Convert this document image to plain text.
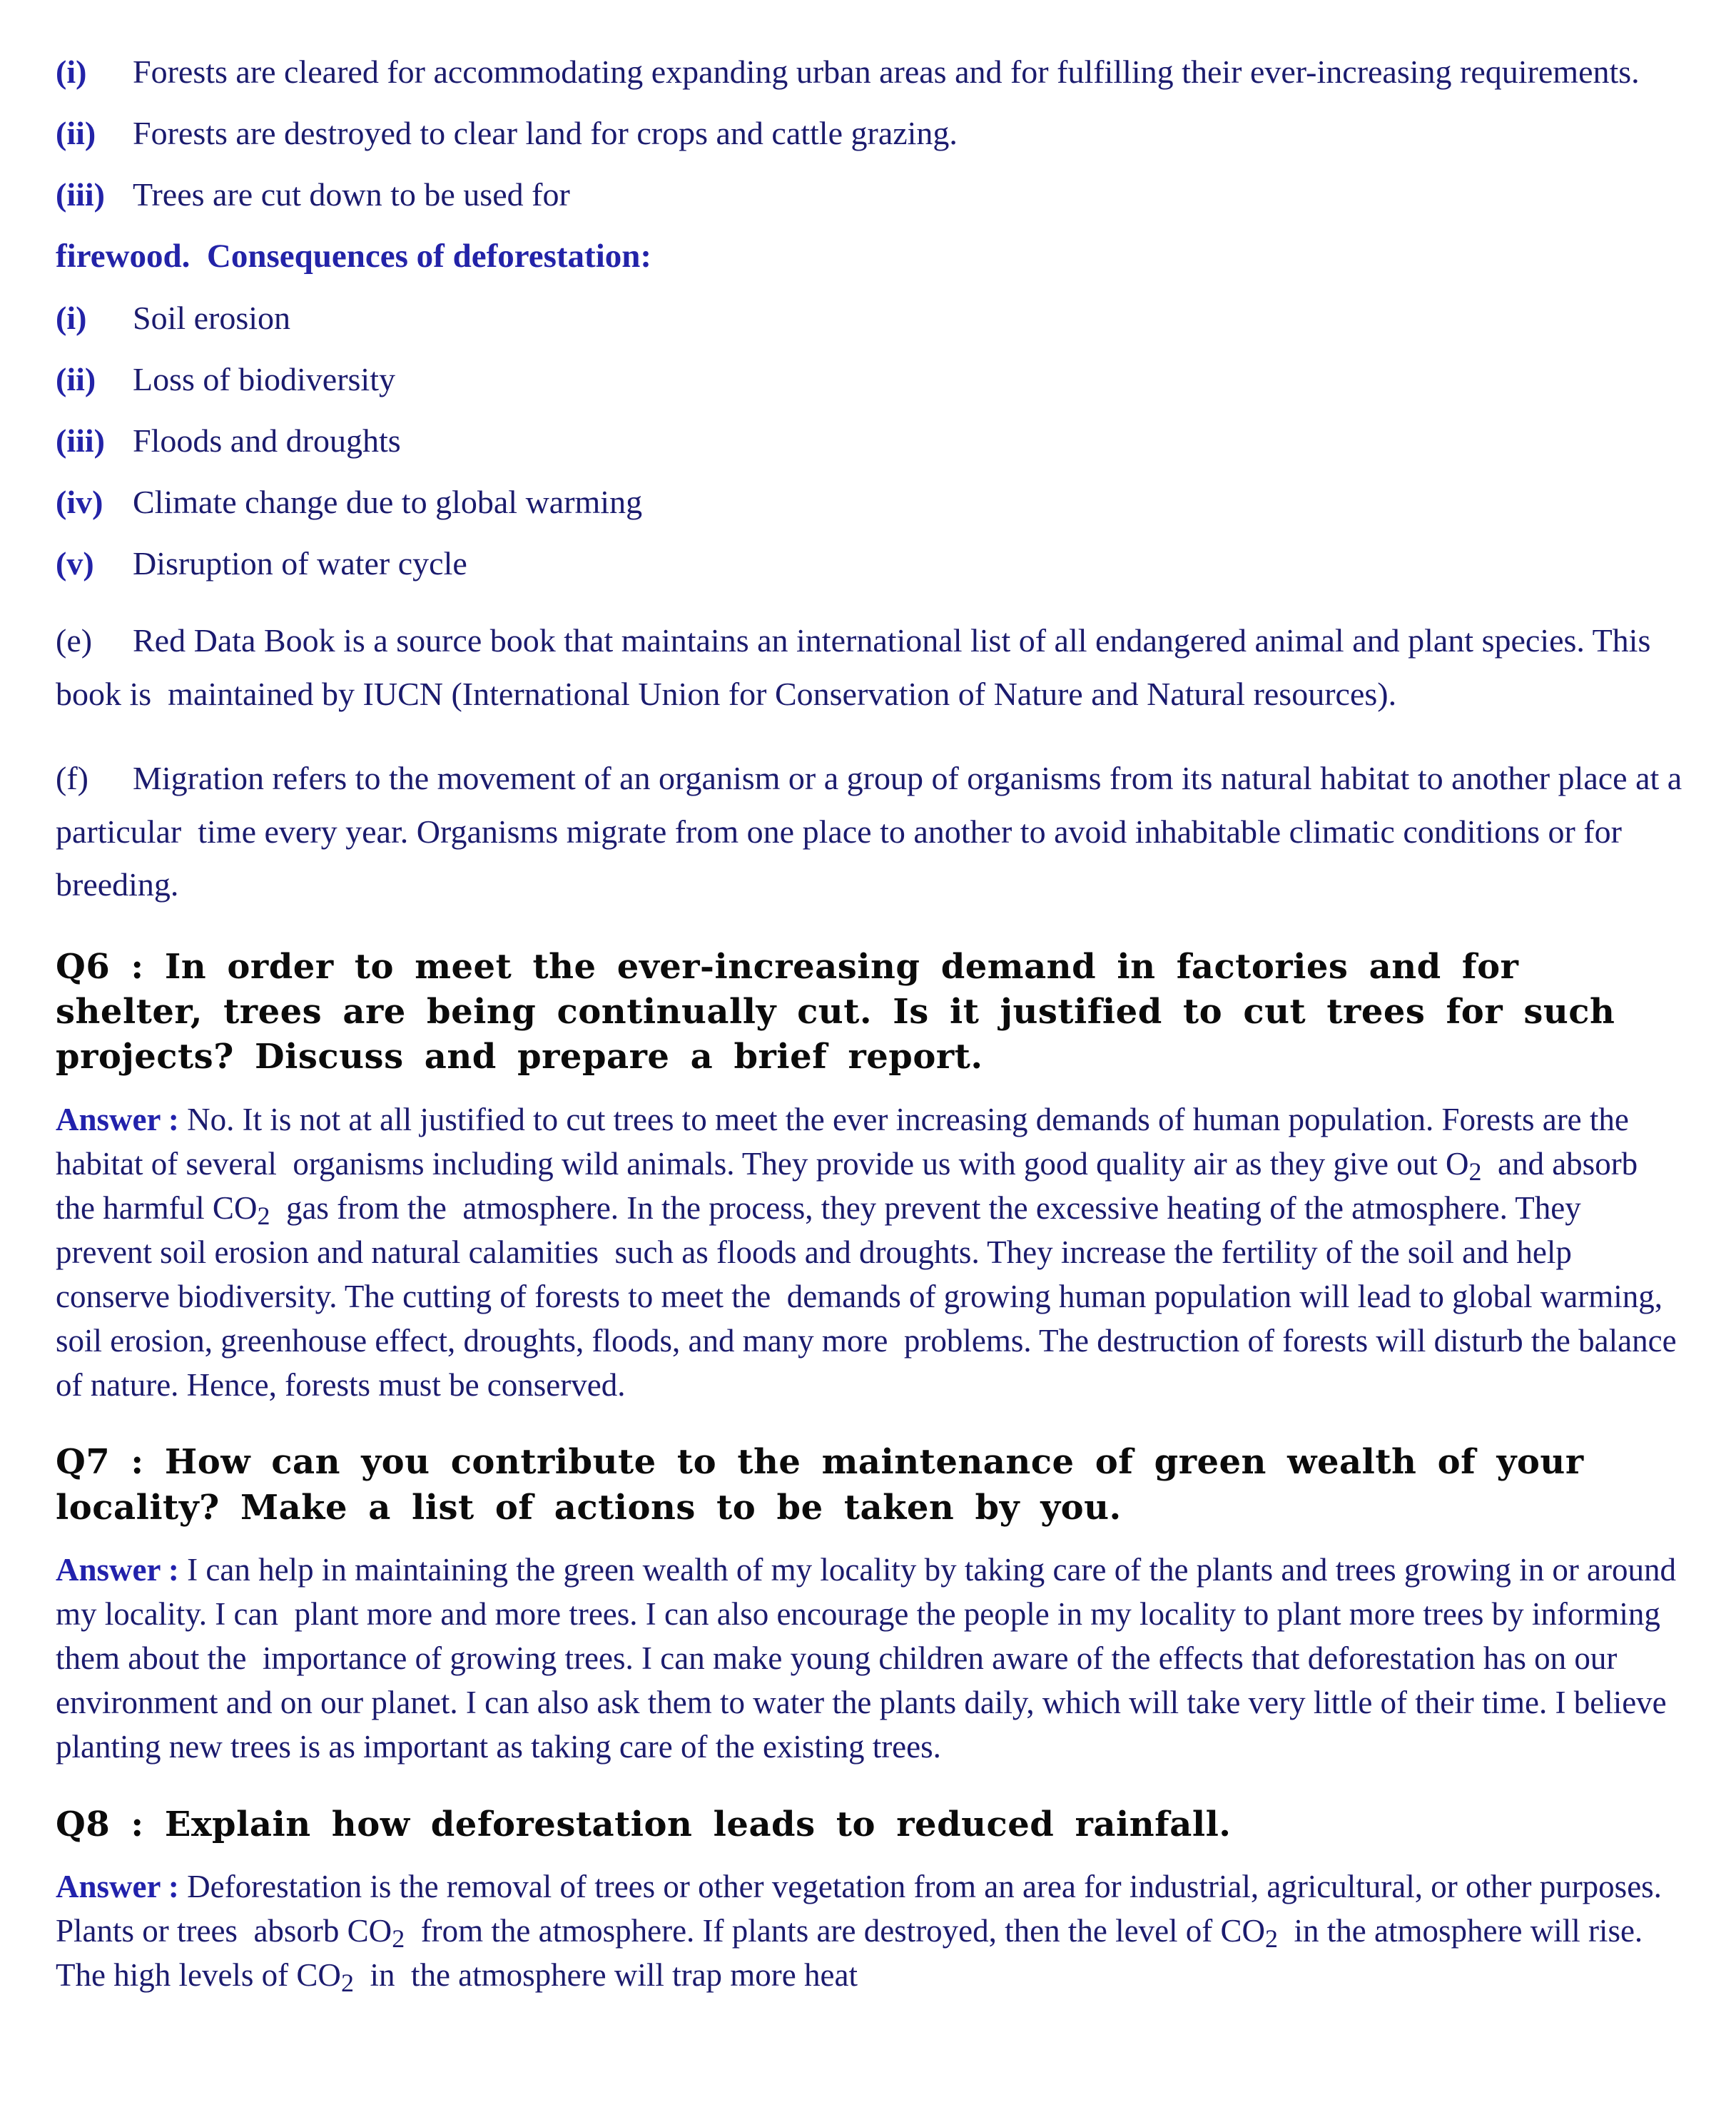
(i) Forests are cleared for accommodating expanding urban areas and for fulfilling their ever-increasing requirements.

(ii) Forests are destroyed to clear land for crops and cattle grazing.

(iii) Trees are cut down to be used for

firewood.  Consequences of deforestation:

(i) Soil erosion

(ii) Loss of biodiversity

(iii) Floods and droughts

(iv) Climate change due to global warming

(v) Disruption of water cycle

(e) Red Data Book is a source book that maintains an international list of all endangered animal and plant species. This book is  maintained by IUCN (International Union for Conservation of Nature and Natural resources).

(f) Migration refers to the movement of an organism or a group of organisms from its natural habitat to another place at a particular  time every year. Organisms migrate from one place to another to avoid inhabitable climatic conditions or for breeding.

Q6 : In order to meet the ever-increasing demand in factories and for shelter, trees are being continually cut. Is it justified to cut trees for such projects? Discuss and prepare a brief report.

Answer : No. It is not at all justified to cut trees to meet the ever increasing demands of human population. Forests are the habitat of several  organisms including wild animals. They provide us with good quality air as they give out $O_2$  and absorb the harmful $CO_2$  gas from the  atmosphere. In the process, they prevent the excessive heating of the atmosphere. They prevent soil erosion and natural calamities  such as floods and droughts. They increase the fertility of the soil and help conserve biodiversity. The cutting of forests to meet the  demands of growing human population will lead to global warming, soil erosion, greenhouse effect, droughts, floods, and many more  problems. The destruction of forests will disturb the balance of nature. Hence, forests must be conserved.

Q7 : How can you contribute to the maintenance of green wealth of your locality? Make a list of actions to be taken by you.

Answer : I can help in maintaining the green wealth of my locality by taking care of the plants and trees growing in or around my locality. I can  plant more and more trees. I can also encourage the people in my locality to plant more trees by informing them about the  importance of growing trees. I can make young children aware of the effects that deforestation has on our environment and on our planet. I can also ask them to water the plants daily, which will take very little of their time. I believe planting new trees is as important as taking care of the existing trees.

Q8 : Explain how deforestation leads to reduced rainfall.

Answer : Deforestation is the removal of trees or other vegetation from an area for industrial, agricultural, or other purposes. Plants or trees  absorb $CO_2$  from the atmosphere. If plants are destroyed, then the level of $CO_2$  in the atmosphere will rise. The high levels of $CO_2$  in  the atmosphere will trap more heat
